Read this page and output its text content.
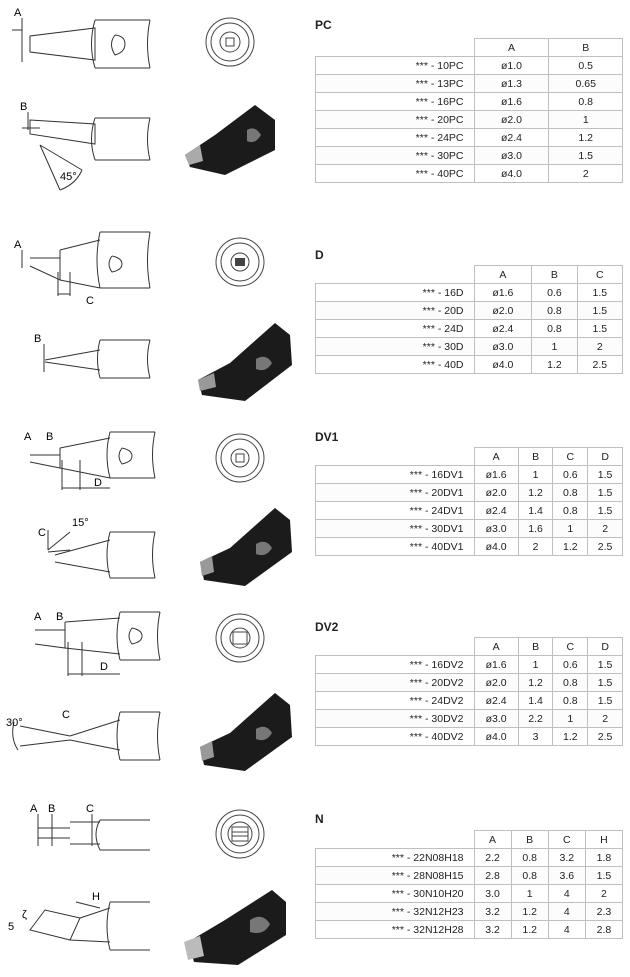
A
B
45°
PC
	A	B
*** - 10PC	ø1.0	0.5
*** - 13PC	ø1.3	0.65
*** - 16PC	ø1.6	0.8
*** - 20PC	ø2.0	1
*** - 24PC	ø2.4	1.2
*** - 30PC	ø3.0	1.5
*** - 40PC	ø4.0	2
A
C
B
D
	A	B	C
*** - 16D	ø1.6	0.6	1.5
*** - 20D	ø2.0	0.8	1.5
*** - 24D	ø2.4	0.8	1.5
*** - 30D	ø3.0	1	2
*** - 40D	ø4.0	1.2	2.5
A B
D
C
15°
DV1
	A	B	C	D
*** - 16DV1	ø1.6	1	0.6	1.5
*** - 20DV1	ø2.0	1.2	0.8	1.5
*** - 24DV1	ø2.4	1.4	0.8	1.5
*** - 30DV1	ø3.0	1.6	1	2
*** - 40DV1	ø4.0	2	1.2	2.5
A B
D
30°
C
DV2
	A	B	C	D
*** - 16DV2	ø1.6	1	0.6	1.5
*** - 20DV2	ø2.0	1.2	0.8	1.5
*** - 24DV2	ø2.4	1.4	0.8	1.5
*** - 30DV2	ø3.0	2.2	1	2
*** - 40DV2	ø4.0	3	1.2	2.5
A B	C
H
ζ
5
N
	A	B	C	H
*** - 22N08H18	2.2	0.8	3.2	1.8
*** - 28N08H15	2.8	0.8	3.6	1.5
*** - 30N10H20	3.0	1	4	2
*** - 32N12H23	3.2	1.2	4	2.3
*** - 32N12H28	3.2	1.2	4	2.8
